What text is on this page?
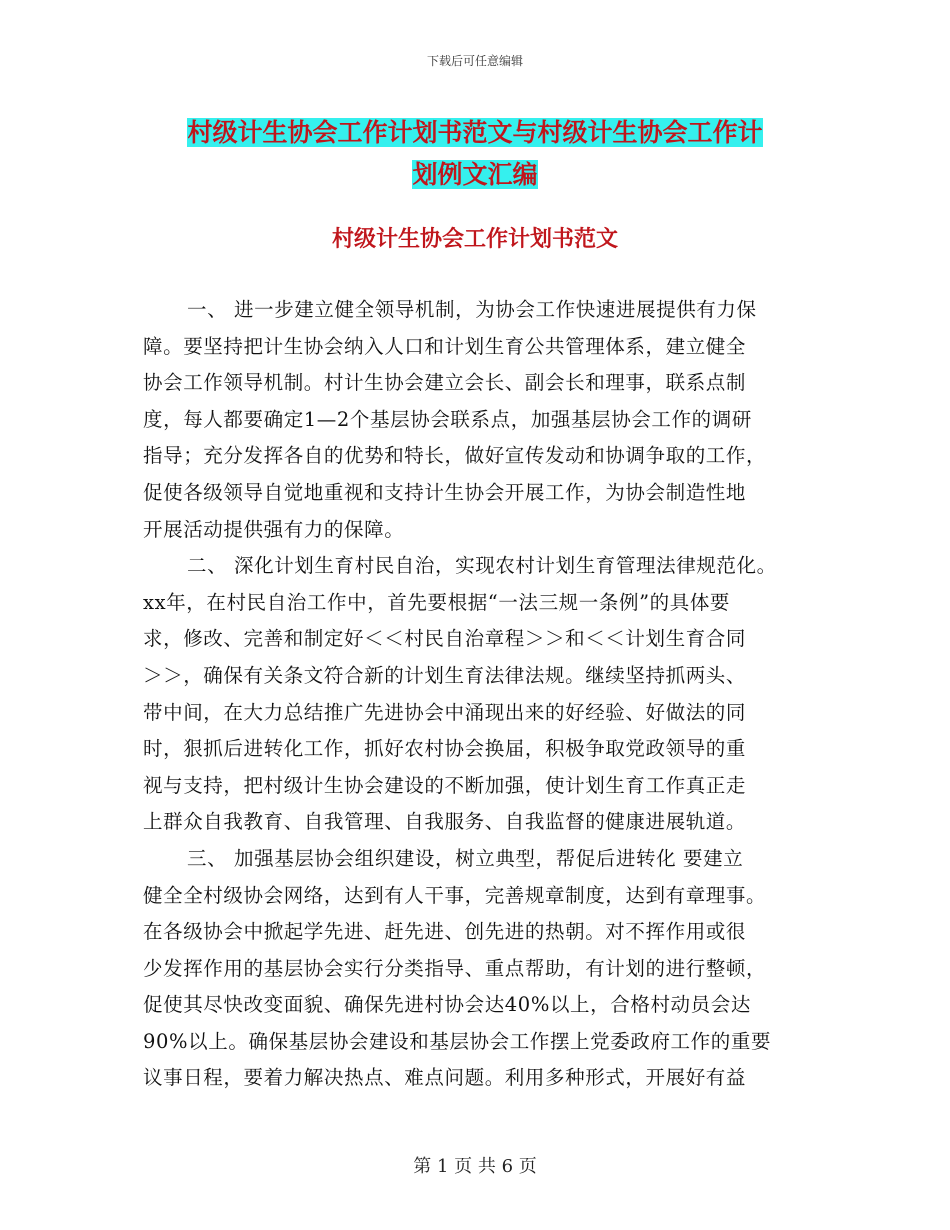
下载后可任意编辑
村级计生协会工作计划书范文与村级计生协会工作计
划例文汇编
村级计生协会工作计划书范文
一、 进一步建立健全领导机制，为协会工作快速进展提供有力保
障。要坚持把计生协会纳入人口和计划生育公共管理体系，建立健全
协会工作领导机制。村计生协会建立会长、副会长和理事，联系点制
度，每人都要确定1—2个基层协会联系点，加强基层协会工作的调研
指导；充分发挥各自的优势和特长，做好宣传发动和协调争取的工作，
促使各级领导自觉地重视和支持计生协会开展工作，为协会制造性地
开展活动提供强有力的保障。
二、 深化计划生育村民自治，实现农村计划生育管理法律规范化。
xx年，在村民自治工作中，首先要根据“一法三规一条例”的具体要
求，修改、完善和制定好＜＜村民自治章程＞＞和＜＜计划生育合同
＞＞，确保有关条文符合新的计划生育法律法规。继续坚持抓两头、
带中间，在大力总结推广先进协会中涌现出来的好经验、好做法的同
时，狠抓后进转化工作，抓好农村协会换届，积极争取党政领导的重
视与支持，把村级计生协会建设的不断加强，使计划生育工作真正走
上群众自我教育、自我管理、自我服务、自我监督的健康进展轨道。
三、 加强基层协会组织建设，树立典型，帮促后进转化 要建立
健全全村级协会网络，达到有人干事，完善规章制度，达到有章理事。
在各级协会中掀起学先进、赶先进、创先进的热朝。对不挥作用或很
少发挥作用的基层协会实行分类指导、重点帮助，有计划的进行整顿，
促使其尽快改变面貌、确保先进村协会达40%以上，合格村动员会达
90%以上。确保基层协会建设和基层协会工作摆上党委政府工作的重要
议事日程，要着力解决热点、难点问题。利用多种形式，开展好有益
第 1 页 共 6 页
